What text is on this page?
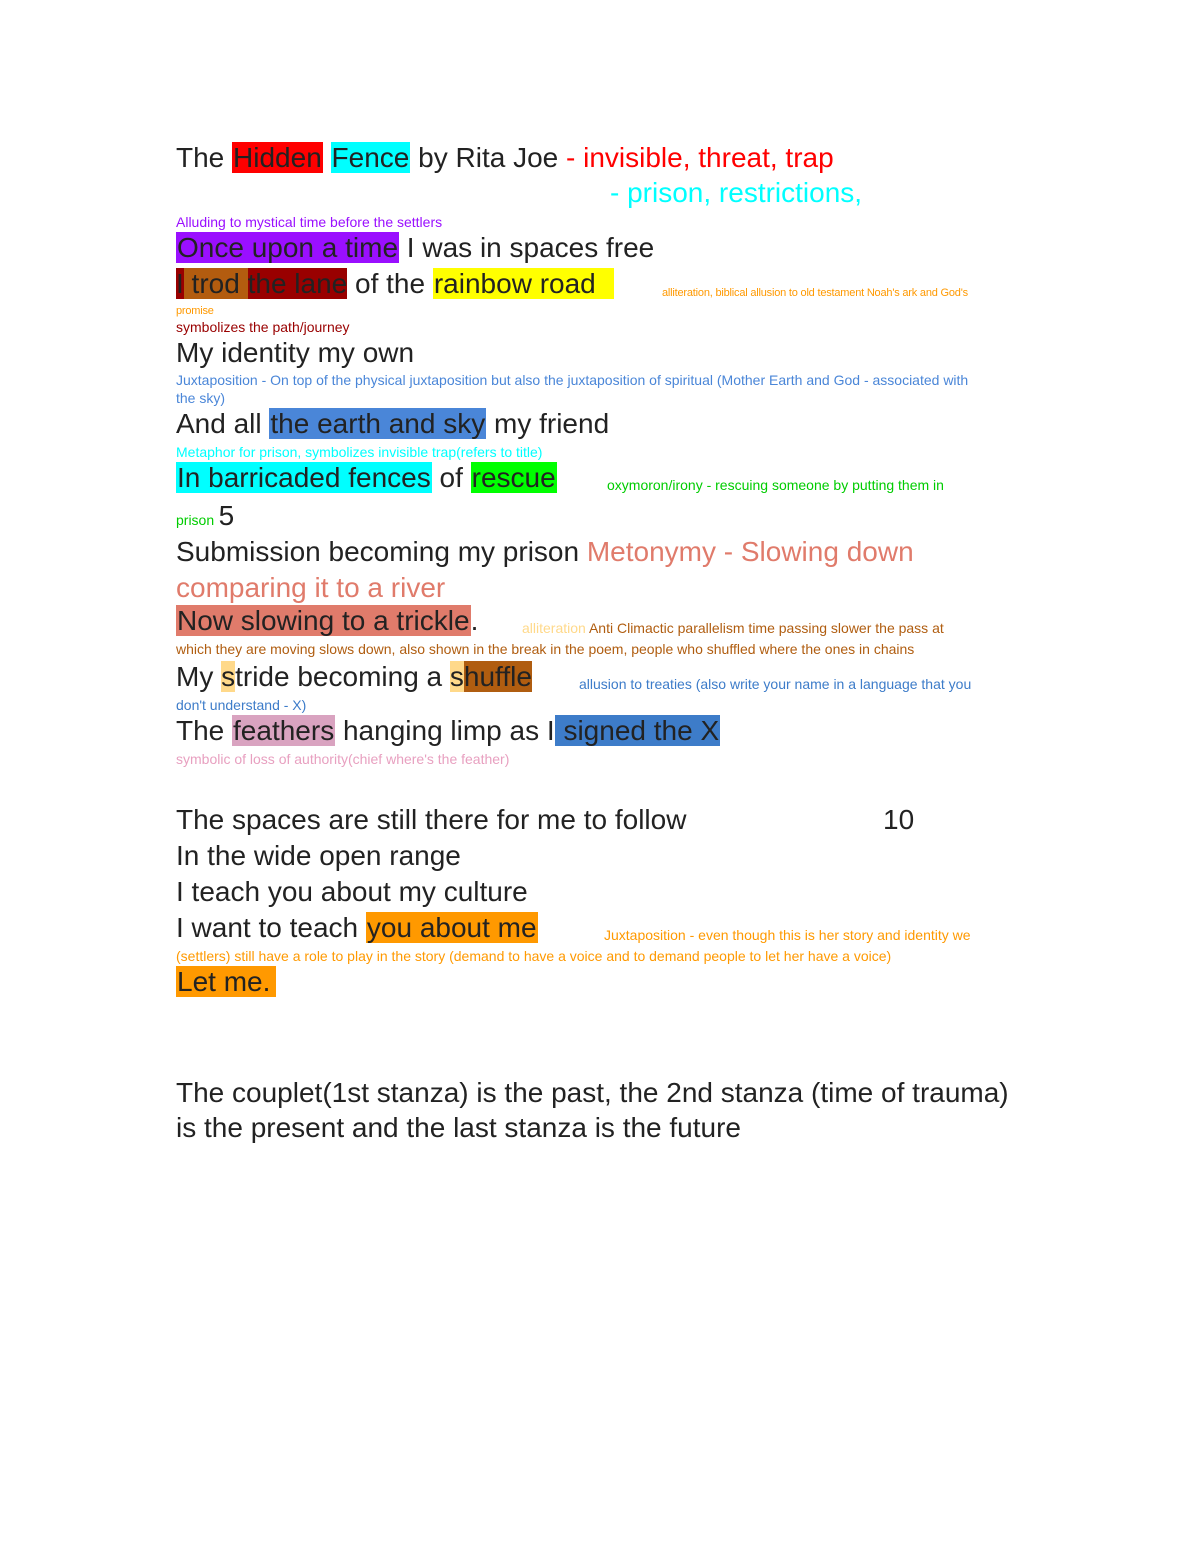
The Hidden Fence by Rita Joe - invisible, threat, trap
- prison, restrictions,
Alluding to mystical time before the settlers
Once upon a time I was in spaces free
I trod the lane of the rainbow road	alliteration, biblical allusion to old testament Noah's ark and God's
promise
symbolizes the path/journey
My identity my own
Juxtaposition - On top of the physical juxtaposition but also the juxtaposition of spiritual (Mother Earth and God - associated with the sky)
And all the earth and sky my friend
Metaphor for prison, symbolizes invisible trap(refers to title)
In barricaded fences of rescue	oxymoron/irony - rescuing someone by putting them in
prison 5
Submission becoming my prison Metonymy - Slowing down comparing it to a river
Now slowing to a trickle.	alliteration Anti Climactic parallelism time passing slower the pass at
which they are moving slows down, also shown in the break in the poem, people who shuffled where the ones in chains
My stride becoming a shuffle	allusion to treaties (also write your name in a language that you
don't understand - X)
The feathers hanging limp as I signed the X
symbolic of loss of authority(chief where's the feather)
The spaces are still there for me to follow	10
In the wide open range
I teach you about my culture
I want to teach you about me	Juxtaposition - even though this is her story and identity we
(settlers) still have a role to play in the story (demand to have a voice and to demand people to let her have a voice)
Let me.
The couplet(1st stanza) is the past, the 2nd stanza (time of trauma) is the present and the last stanza is the future
